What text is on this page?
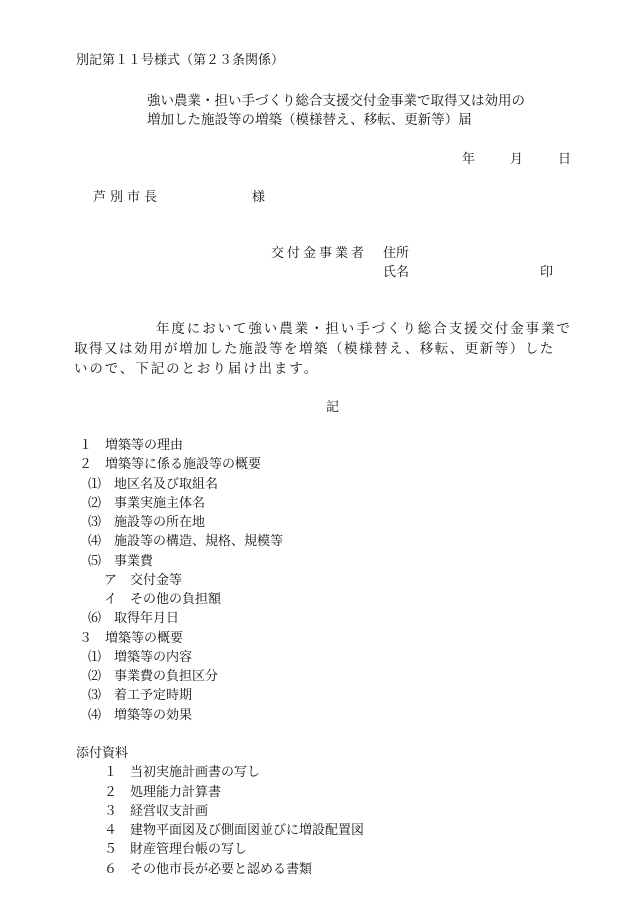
別記第１１号様式（第２３条関係）
強い農業・担い手づくり総合支援交付金事業で取得又は効用の
増加した施設等の増築（模様替え、移転、更新等）届
年	月	日
芦別市長	様
交付金事業者 住所
氏名	印
年度において強い農業・担い手づくり総合支援交付金事業で
取得又は効用が増加した施設等を増築（模様替え、移転、更新等）した
いので、下記のとおり届け出ます。
記
１　増築等の理由
２　増築等に係る施設等の概要
⑴　地区名及び取組名
⑵　事業実施主体名
⑶　施設等の所在地
⑷　施設等の構造、規格、規模等
⑸　事業費
ア　交付金等
イ　その他の負担額
⑹　取得年月日
３　増築等の概要
⑴　増築等の内容
⑵　事業費の負担区分
⑶　着工予定時期
⑷　増築等の効果
添付資料
１　当初実施計画書の写し
２　処理能力計算書
３　経営収支計画
４　建物平面図及び側面図並びに増設配置図
５　財産管理台帳の写し
６　その他市長が必要と認める書類
